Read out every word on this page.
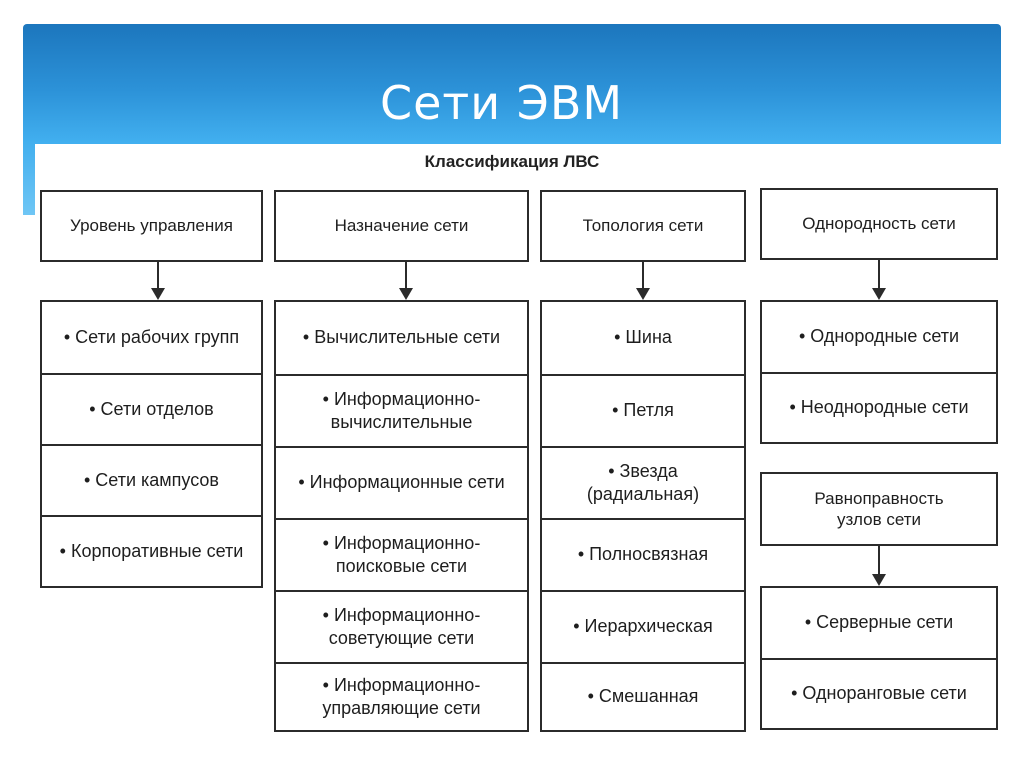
Сети ЭВМ
Классификация ЛВС
Уровень управления
• Сети рабочих групп
• Сети отделов
• Сети кампусов
• Корпоративные сети
Назначение сети
• Вычислительные сети
• Информационно-
вычислительные
• Информационные сети
• Информационно-
поисковые сети
• Информационно-
советующие сети
• Информационно-
управляющие сети
Топология сети
• Шина
• Петля
• Звезда
(радиальная)
• Полносвязная
• Иерархическая
• Смешанная
Однородность сети
• Однородные сети
• Неоднородные сети
Равноправность
узлов сети
• Серверные сети
• Одноранговые сети
